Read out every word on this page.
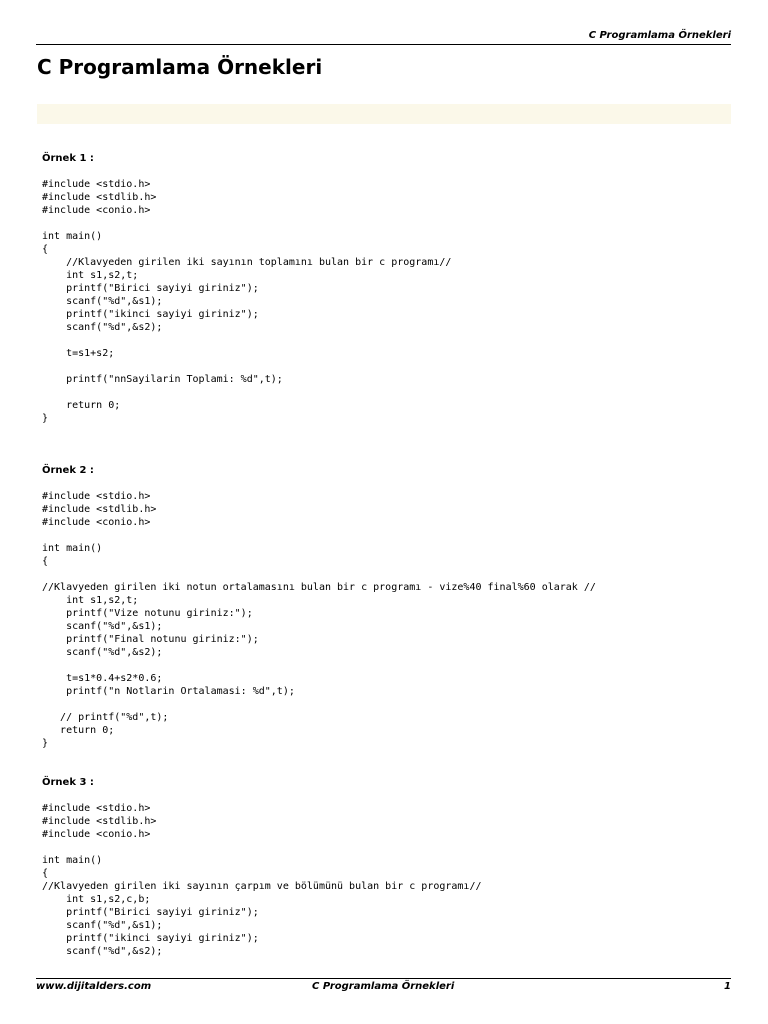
C Programlama Örnekleri
C Programlama Örnekleri

Örnek 1 :

#include <stdio.h>
#include <stdlib.h>
#include <conio.h>

int main()
{
//Klavyeden girilen iki sayının toplamını bulan bir c programı//
int s1,s2,t;
printf("Birici sayiyi giriniz");
scanf("%d",&s1);
printf("ikinci sayiyi giriniz");
scanf("%d",&s2);

t=s1+s2;

printf("nnSayilarin Toplami: %d",t);

return 0;
}

Örnek 2 :

#include <stdio.h>
#include <stdlib.h>
#include <conio.h>

int main()
{

//Klavyeden girilen iki notun ortalamasını bulan bir c programı - vize%40 final%60 olarak //
int s1,s2,t;
printf("Vize notunu giriniz:");
scanf("%d",&s1);
printf("Final notunu giriniz:");
scanf("%d",&s2);

t=s1*0.4+s2*0.6;
printf("n Notlarin Ortalamasi: %d",t);

// printf("%d",t);
return 0;
}

Örnek 3 :

#include <stdio.h>
#include <stdlib.h>
#include <conio.h>

int main()
{
//Klavyeden girilen iki sayının çarpım ve bölümünü bulan bir c programı//
int s1,s2,c,b;
printf("Birici sayiyi giriniz");
scanf("%d",&s1);
printf("ikinci sayiyi giriniz");
scanf("%d",&s2);
www.dijitalders.com	C Programlama Örnekleri	1
